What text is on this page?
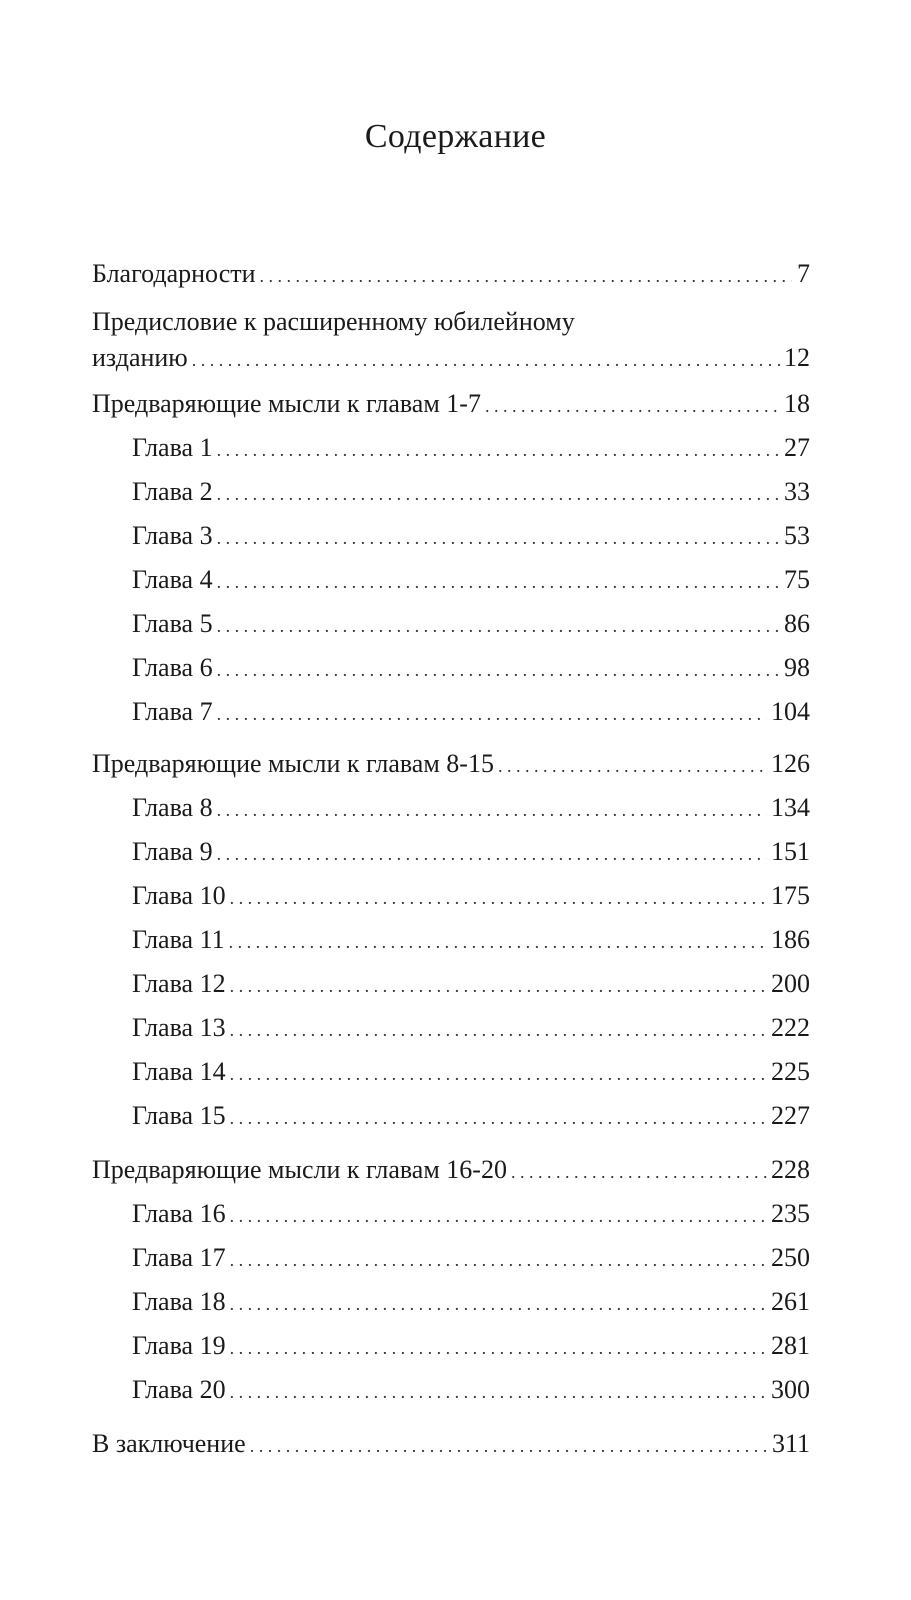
Содержание
Благодарности . . .	7
Предисловие к расширенному юбилейному
изданию . . .	12
Предваряющие мысли к главам 1-7 . . .	18
Глава 1 . . .	27
Глава 2 . . .	33
Глава 3 . . .	53
Глава 4 . . .	75
Глава 5 . . .	86
Глава 6 . . .	98
Глава 7 . . .	104
Предваряющие мысли к главам 8-15 . . .	126
Глава 8 . . .	134
Глава 9 . . .	151
Глава 10 . . .	175
Глава 11 . . .	186
Глава 12 . . .	200
Глава 13 . . .	222
Глава 14 . . .	225
Глава 15 . . .	227
Предваряющие мысли к главам 16-20 . . .	228
Глава 16 . . .	235
Глава 17 . . .	250
Глава 18 . . .	261
Глава 19 . . .	281
Глава 20 . . .	300
В заключение . . .	311
